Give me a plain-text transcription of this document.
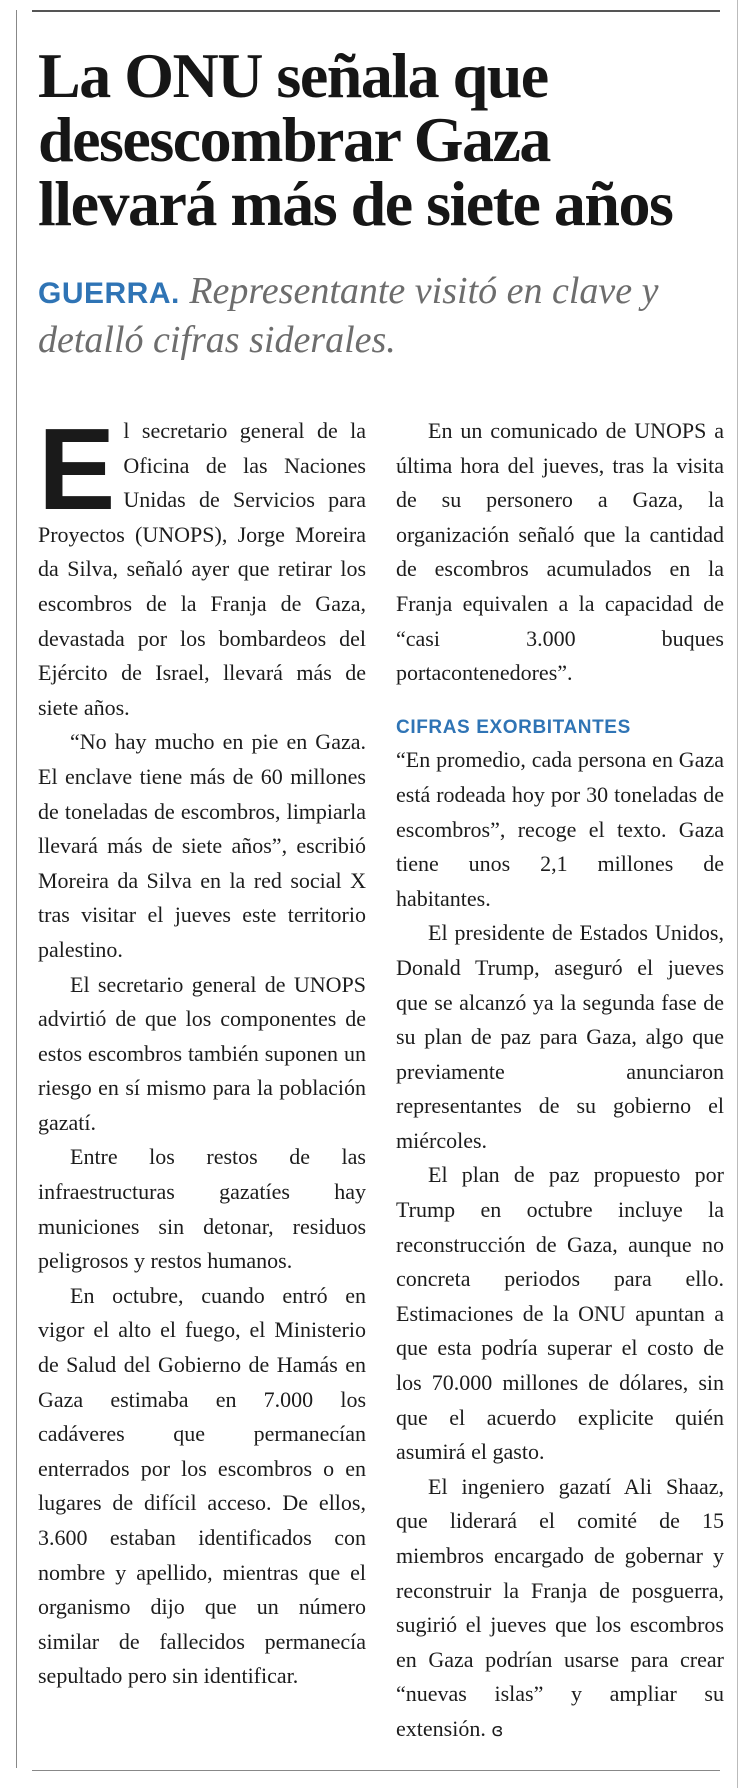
La ONU señala que desescombrar Gaza llevará más de siete años

GUERRA. Representante visitó en clave y detalló cifras siderales.

El secretario general de la Oficina de las Naciones Unidas de Servicios para Proyectos (UNOPS), Jorge Moreira da Silva, señaló ayer que retirar los escombros de la Franja de Gaza, devastada por los bombardeos del Ejército de Israel, llevará más de siete años.

“No hay mucho en pie en Gaza. El enclave tiene más de 60 millones de toneladas de escombros, limpiarla llevará más de siete años”, escribió Moreira da Silva en la red social X tras visitar el jueves este territorio palestino.

El secretario general de UNOPS advirtió de que los componentes de estos escombros también suponen un riesgo en sí mismo para la población gazatí.

Entre los restos de las infraestructuras gazatíes hay municiones sin detonar, residuos peligrosos y restos humanos.

En octubre, cuando entró en vigor el alto el fuego, el Ministerio de Salud del Gobierno de Hamás en Gaza estimaba en 7.000 los cadáveres que permanecían enterrados por los escombros o en lugares de difícil acceso. De ellos, 3.600 estaban identificados con nombre y apellido, mientras que el organismo dijo que un número similar de fallecidos permanecía sepultado pero sin identificar.

En un comunicado de UNOPS a última hora del jueves, tras la visita de su personero a Gaza, la organización señaló que la cantidad de escombros acumulados en la Franja equivalen a la capacidad de “casi 3.000 buques portacontenedores”.

CIFRAS EXORBITANTES

“En promedio, cada persona en Gaza está rodeada hoy por 30 toneladas de escombros”, recoge el texto. Gaza tiene unos 2,1 millones de habitantes.

El presidente de Estados Unidos, Donald Trump, aseguró el jueves que se alcanzó ya la segunda fase de su plan de paz para Gaza, algo que previamente anunciaron representantes de su gobierno el miércoles.

El plan de paz propuesto por Trump en octubre incluye la reconstrucción de Gaza, aunque no concreta periodos para ello. Estimaciones de la ONU apuntan a que esta podría superar el costo de los 70.000 millones de dólares, sin que el acuerdo explicite quién asumirá el gasto.

El ingeniero gazatí Ali Shaaz, que liderará el comité de 15 miembros encargado de gobernar y reconstruir la Franja de posguerra, sugirió el jueves que los escombros en Gaza podrían usarse para crear “nuevas islas” y ampliar su extensión. ɞ
